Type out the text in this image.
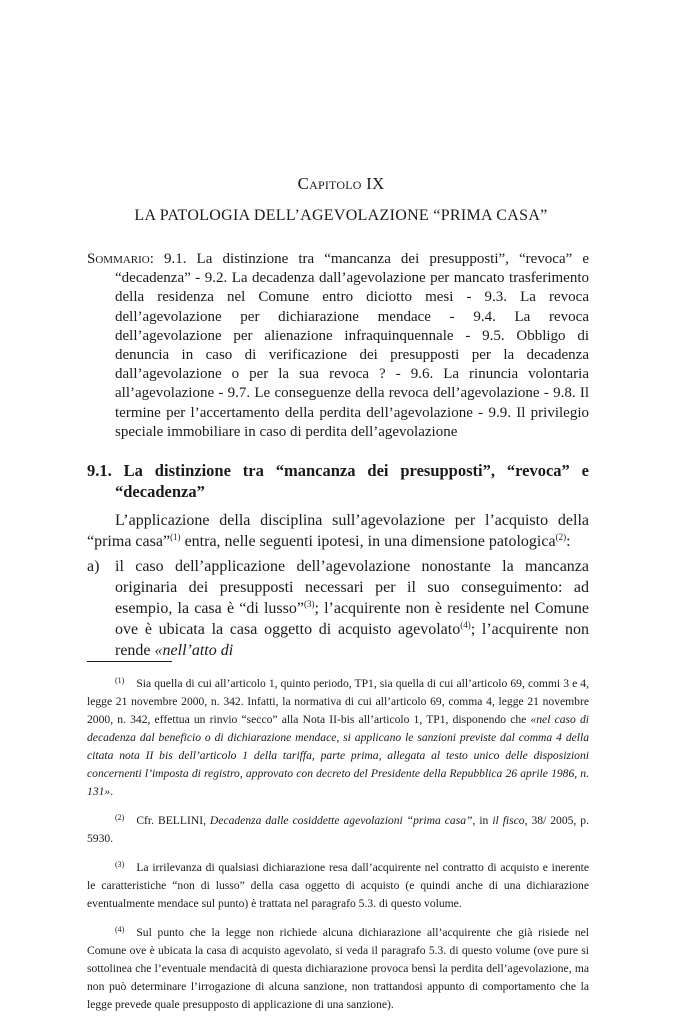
Capitolo IX
LA PATOLOGIA DELL’AGEVOLAZIONE “PRIMA CASA”
Sommario: 9.1. La distinzione tra “mancanza dei presupposti”, “revoca” e “decadenza” - 9.2. La decadenza dall’agevolazione per mancato trasferimento della residenza nel Comune entro diciotto mesi - 9.3. La revoca dell’agevolazione per dichiarazione mendace - 9.4. La revoca dell’agevolazione per alienazione infraquinquennale - 9.5. Obbligo di denuncia in caso di verificazione dei presupposti per la decadenza dall’agevolazione o per la sua revoca ? - 9.6. La rinuncia volontaria all’agevolazione - 9.7. Le conseguenze della revoca dell’agevolazione - 9.8. Il termine per l’accertamento della perdita dell’agevolazione - 9.9. Il privilegio speciale immobiliare in caso di perdita dell’agevolazione
9.1. La distinzione tra “mancanza dei presupposti”, “revoca” e “decadenza”
L’applicazione della disciplina sull’agevolazione per l’acquisto della “prima casa”$^{(1)}$ entra, nelle seguenti ipotesi, in una dimensione patologica$^{(2)}$:
a) il caso dell’applicazione dell’agevolazione nonostante la mancanza originaria dei presupposti necessari per il suo conseguimento: ad esempio, la casa è “di lusso”$^{(3)}$; l’acquirente non è residente nel Comune ove è ubicata la casa oggetto di acquisto agevolato$^{(4)}$; l’acquirente non rende «nell’atto di

$^{(1)}$ Sia quella di cui all’articolo 1, quinto periodo, TP1, sia quella di cui all’articolo 69, commi 3 e 4, legge 21 novembre 2000, n. 342. Infatti, la normativa di cui all’articolo 69, comma 4, legge 21 novembre 2000, n. 342, effettua un rinvio “secco” alla Nota II-bis all’articolo 1, TP1, disponendo che «nel caso di decadenza dal beneficio o di dichiarazione mendace, si applicano le sanzioni previste dal comma 4 della citata nota II bis dell’articolo 1 della tariffa, parte prima, allegata al testo unico delle disposizioni concernenti l’imposta di registro, approvato con decreto del Presidente della Repubblica 26 aprile 1986, n. 131».

$^{(2)}$ Cfr. BELLINI, Decadenza dalle cosiddette agevolazioni “prima casa”, in il fisco, 38/ 2005, p. 5930.

$^{(3)}$ La irrilevanza di qualsiasi dichiarazione resa dall’acquirente nel contratto di acquisto e inerente le caratteristiche “non di lusso” della casa oggetto di acquisto (e quindi anche di una dichiarazione eventualmente mendace sul punto) è trattata nel paragrafo 5.3. di questo volume.

$^{(4)}$ Sul punto che la legge non richiede alcuna dichiarazione all’acquirente che già risiede nel Comune ove è ubicata la casa di acquisto agevolato, si veda il paragrafo 5.3. di questo volume (ove pure si sottolinea che l’eventuale mendacità di questa dichiarazione provoca bensì la perdita dell’agevolazione, ma non può determinare l’irrogazione di alcuna sanzione, non trattandosi appunto di comportamento che la legge prevede quale presupposto di applicazione di una sanzione).
